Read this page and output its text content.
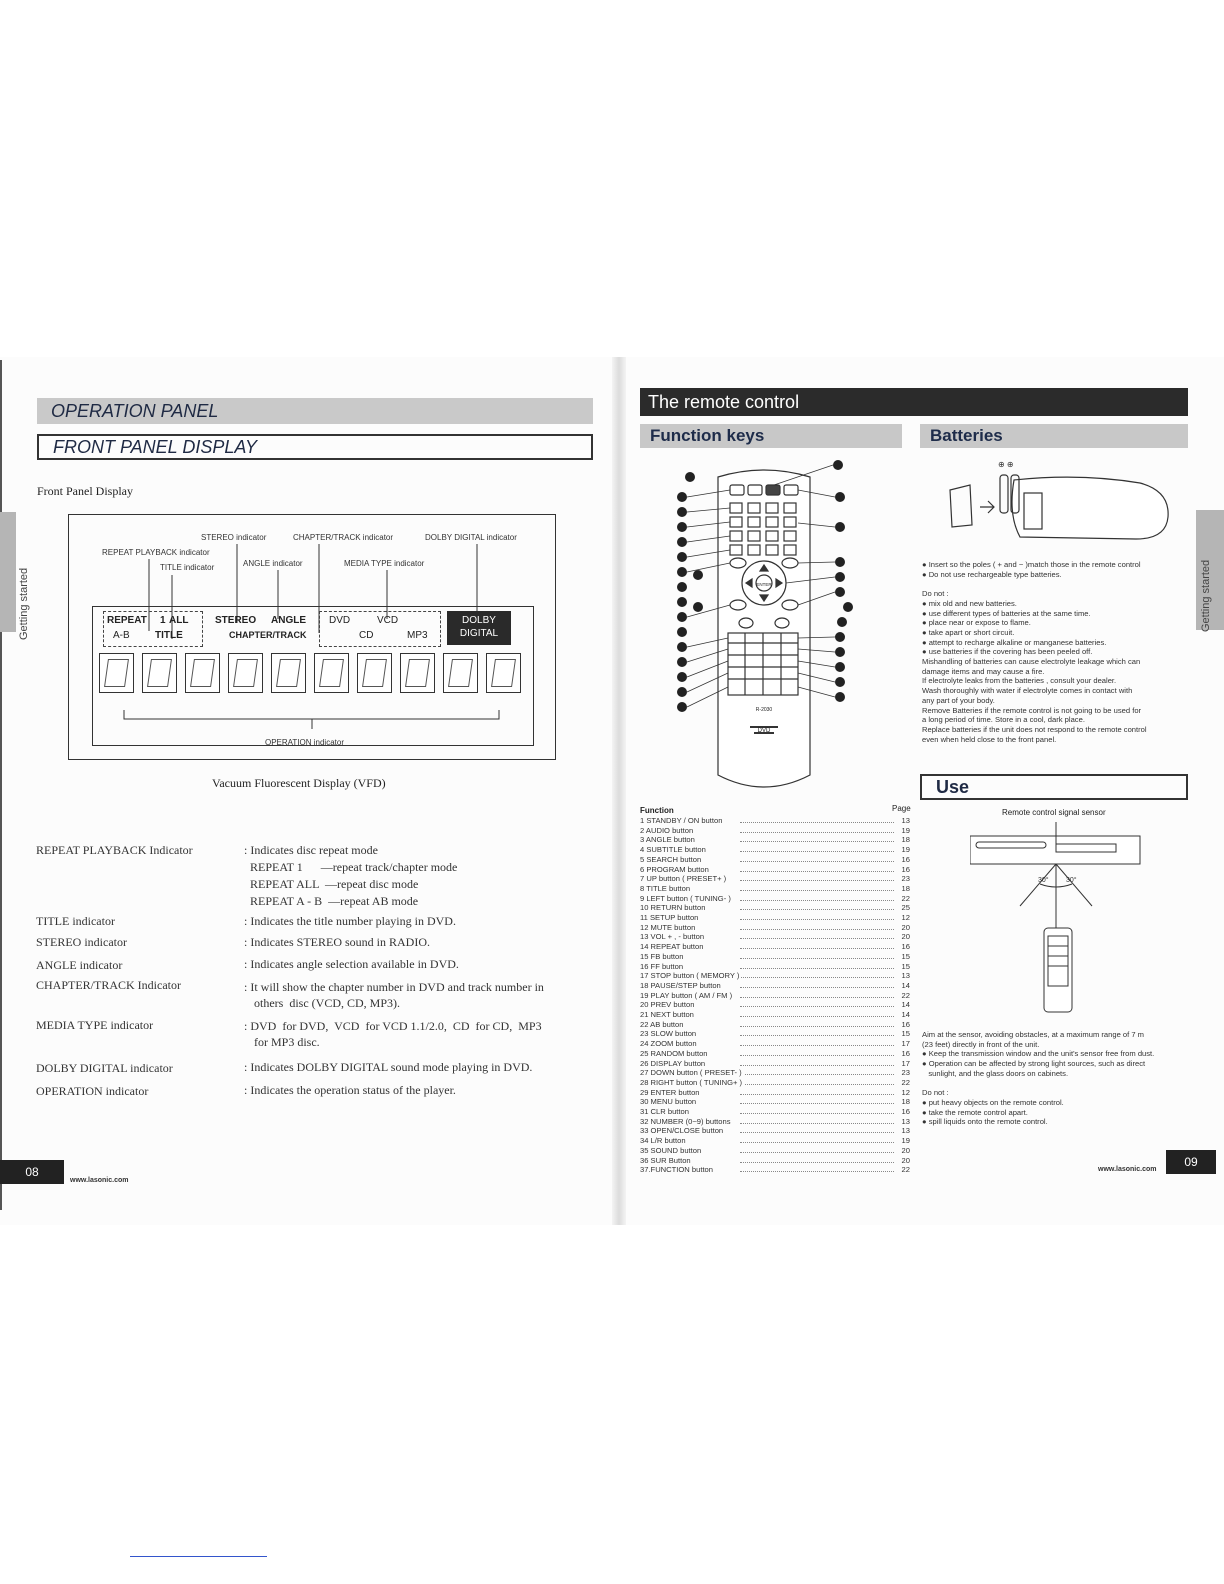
OPERATION PANEL
FRONT PANEL DISPLAY
Front Panel Display
STEREO indicator	CHAPTER/TRACK indicator	DOLBY DIGITAL indicator
REPEAT PLAYBACK indicator
ANGLE indicator	MEDIA TYPE indicator
TITLE indicator
REPEAT 1 ALL	STEREO ANGLE DVD	VCD	DOLBY
DIGITAL
A-B	TITLE	CHAPTER/TRACK	CD	MP3
OPERATION indicator
Vacuum Fluorescent Display (VFD)
REPEAT PLAYBACK Indicator	: Indicates disc repeat mode
REPEAT 1      —repeat track/chapter mode
REPEAT ALL  —repeat disc mode
REPEAT A - B  —repeat AB mode
TITLE indicator	: Indicates the title number playing in DVD.
STEREO indicator	: Indicates STEREO sound in RADIO.
ANGLE indicator	: Indicates angle selection available in DVD.
CHAPTER/TRACK Indicator	: It will show the chapter number in DVD and track number in
others  disc (VCD, CD, MP3).
MEDIA TYPE indicator	: DVD  for DVD,  VCD  for VCD 1.1/2.0,  CD  for CD,  MP3
for MP3 disc.
DOLBY DIGITAL indicator	: Indicates DOLBY DIGITAL sound mode playing in DVD.
OPERATION indicator	: Indicates the operation status of the player.
Getting started
08
www.lasonic.com
The remote control
Function keys	Batteries
DVD
ENTER
R-2030
Function	Page
1 STANDBY / ON button	13
2 AUDIO button	19
3 ANGLE button	18
4 SUBTITLE button	19
5 SEARCH button	16
6 PROGRAM button	16
7 UP button ( PRESET+ )	23
8 TITLE button	18
9 LEFT button ( TUNING- )	22
10 RETURN button	25
11 SETUP button	12
12 MUTE button	20
13 VOL + , - button	20
14 REPEAT button	16
15 FB button	15
16 FF button	15
17 STOP button ( MEMORY )	13
18 PAUSE/STEP button	14
19 PLAY button ( AM / FM )	22
20 PREV button	14
21 NEXT button	14
22 AB button	16
23 SLOW button	15
24 ZOOM button	17
25 RANDOM button	16
26 DISPLAY button	17
27 DOWN button ( PRESET- )	23
28 RIGHT button ( TUNING+ )	22
29 ENTER button	12
30 MENU button	18
31 CLR button	16
32 NUMBER (0~9) buttons	13
33 OPEN/CLOSE button	13
34 L/R button	19
35 SOUND button	20
36 SUR Button	20
37.FUNCTION button	22
⊕ ⊕
● Insert so the poles ( + and − )match those in the remote control
● Do not use rechargeable type batteries.
Do not :
● mix old and new batteries.
● use different types of batteries at the same time.
● place near or expose to flame.
● take apart or short circuit.
● attempt to recharge alkaline or manganese batteries.
● use batteries if the covering has been peeled off.
Mishandling of batteries can cause electrolyte leakage which can
damage items and may cause a fire.
If electrolyte leaks from the batteries , consult your dealer.
Wash thoroughly with water if electrolyte comes in contact with
any part of your body.
Remove Batteries if the remote control is not going to be used for
a long period of time. Store in a cool, dark place.
Replace batteries if the unit does not respond to the remote control
even when held close to the front panel.
Use
Remote control signal sensor
30° 30°
Aim at the sensor, avoiding obstacles, at a maximum range of 7 m
(23 feet) directly in front of the unit.
● Keep the transmission window and the unit's sensor free from dust.
● Operation can be affected by strong light sources, such as direct
sunlight, and the glass doors on cabinets.
Do not :
● put heavy objects on the remote control.
● take the remote control apart.
● spill liquids onto the remote control.
Getting started
09
www.lasonic.com
